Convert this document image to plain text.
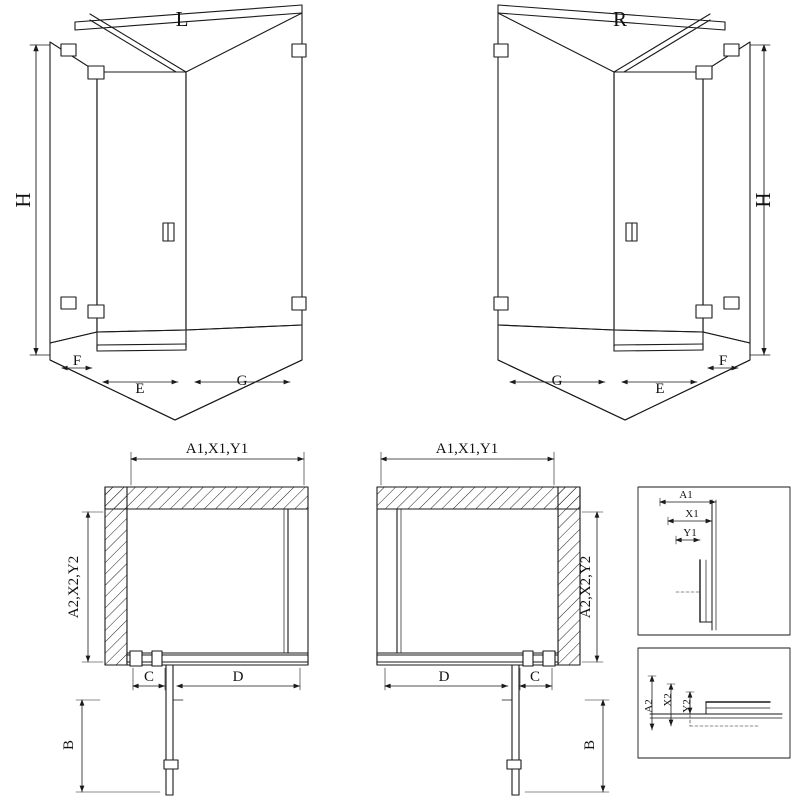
L	R
H	H
F
E	G	G	E
F
A1,X1,Y1
A2,X2,Y2
C	D
B
A1,X1,Y1
A2,X2,Y2
D	C
B
A1
X1
Y1
A2 X2 Y2
